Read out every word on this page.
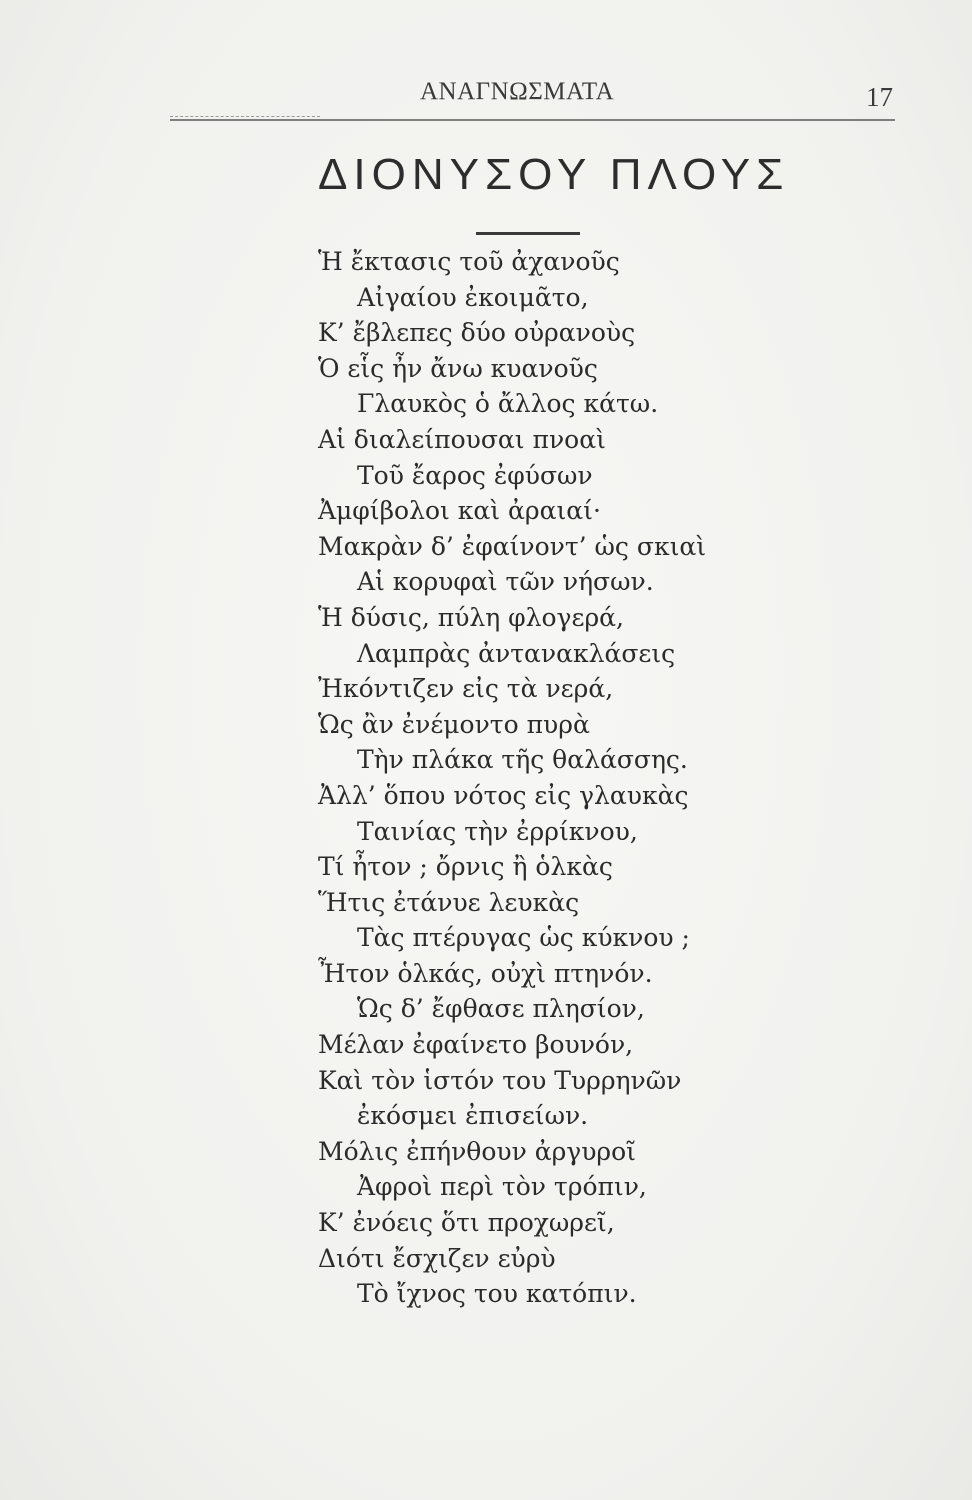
ΑΝΑΓΝΩΣΜΑΤΑ	17
ΔΙΟΝΥΣΟΥ ΠΛΟΥΣ
Ἡ ἔκτασις τοῦ ἀχανοῦς
Αἰγαίου ἐκοιμᾶτο,
Κ’ ἔβλεπες δύο οὐρανοὺς
Ὁ εἷς ἦν ἄνω κυανοῦς
Γλαυκὸς ὁ ἄλλος κάτω.
Αἱ διαλείπουσαι πνοαὶ
Τοῦ ἔαρος ἐφύσων
Ἀμφίβολοι καὶ ἀραιαί·
Μακρὰν δ’ ἐφαίνοντ’ ὡς σκιαὶ
Αἱ κορυφαὶ τῶν νήσων.
Ἡ δύσις, πύλη φλογερά,
Λαμπρὰς ἀντανακλάσεις
Ἠκόντιζεν εἰς τὰ νερά,
Ὡς ἂν ἐνέμοντο πυρὰ
Τὴν πλάκα τῆς θαλάσσης.
Ἀλλ’ ὅπου νότος εἰς γλαυκὰς
Ταινίας τὴν ἐρρίκνου,
Τί ἦτον ; ὄρνις ἢ ὁλκὰς
Ἥτις ἐτάνυε λευκὰς
Τὰς πτέρυγας ὡς κύκνου ;
Ἦτον ὁλκάς, οὐχὶ πτηνόν.
Ὡς δ’ ἔφθασε πλησίον,
Μέλαν ἐφαίνετο βουνόν,
Καὶ τὸν ἱστόν του Τυρρηνῶν
ἐκόσμει ἐπισείων.
Μόλις ἐπήνθουν ἀργυροῖ
Ἀφροὶ περὶ τὸν τρόπιν,
Κ’ ἐνόεις ὅτι προχωρεῖ,
Διότι ἔσχιζεν εὐρὺ
Τὸ ἴχνος του κατόπιν.
